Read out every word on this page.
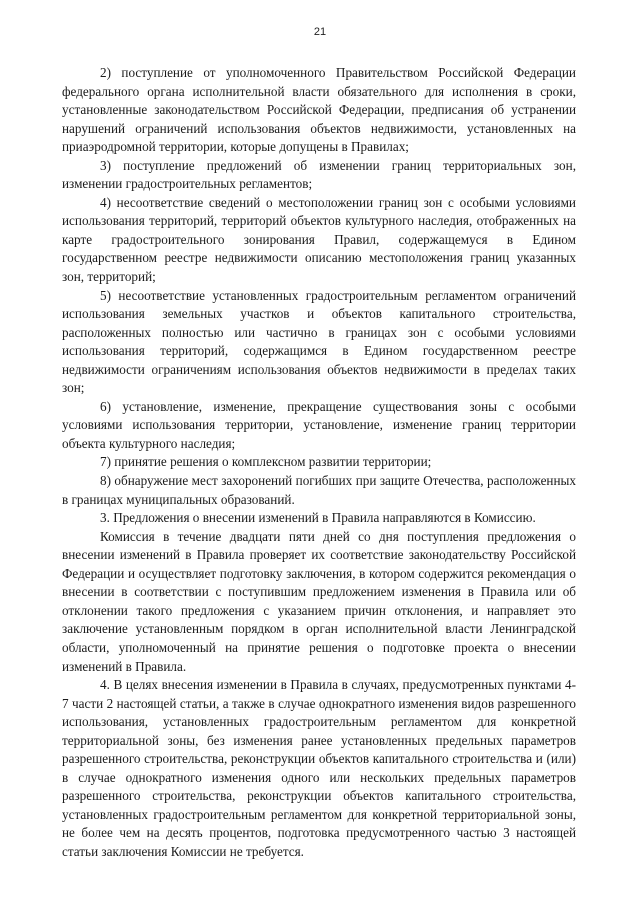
21

2) поступление от уполномоченного Правительством Российской Федерации федерального органа исполнительной власти обязательного для исполнения в сроки, установленные законодательством Российской Федерации, предписания об устранении нарушений ограничений использования объектов недвижимости, установленных на приаэродромной территории, которые допущены в Правилах;

3) поступление предложений об изменении границ территориальных зон, изменении градостроительных регламентов;

4) несоответствие сведений о местоположении границ зон с особыми условиями использования территорий, территорий объектов культурного наследия, отображенных на карте градостроительного зонирования Правил, содержащемуся в Едином государственном реестре недвижимости описанию местоположения границ указанных зон, территорий;

5) несоответствие установленных градостроительным регламентом ограничений использования земельных участков и объектов капитального строительства, расположенных полностью или частично в границах зон с особыми условиями использования территорий, содержащимся в Едином государственном реестре недвижимости ограничениям использования объектов недвижимости в пределах таких зон;

6) установление, изменение, прекращение существования зоны с особыми условиями использования территории, установление, изменение границ территории объекта культурного наследия;

7) принятие решения о комплексном развитии территории;

8) обнаружение мест захоронений погибших при защите Отечества, расположенных в границах муниципальных образований.

3. Предложения о внесении изменений в Правила направляются в Комиссию.

Комиссия в течение двадцати пяти дней со дня поступления предложения о внесении изменений в Правила проверяет их соответствие законодательству Российской Федерации и осуществляет подготовку заключения, в котором содержится рекомендация о внесении в соответствии с поступившим предложением изменения в Правила или об отклонении такого предложения с указанием причин отклонения, и направляет это заключение установленным порядком в орган исполнительной власти Ленинградской области, уполномоченный на принятие решения о подготовке проекта о внесении изменений в Правила.

4. В целях внесения изменении в Правила в случаях, предусмотренных пунктами 4-7 части 2 настоящей статьи, а также в случае однократного изменения видов разрешенного использования, установленных градостроительным регламентом для конкретной территориальной зоны, без изменения ранее установленных предельных параметров разрешенного строительства, реконструкции объектов капитального строительства и (или) в случае однократного изменения одного или нескольких предельных параметров разрешенного строительства, реконструкции объектов капитального строительства, установленных градостроительным регламентом для конкретной территориальной зоны, не более чем на десять процентов, подготовка предусмотренного частью 3 настоящей статьи заключения Комиссии не требуется.
